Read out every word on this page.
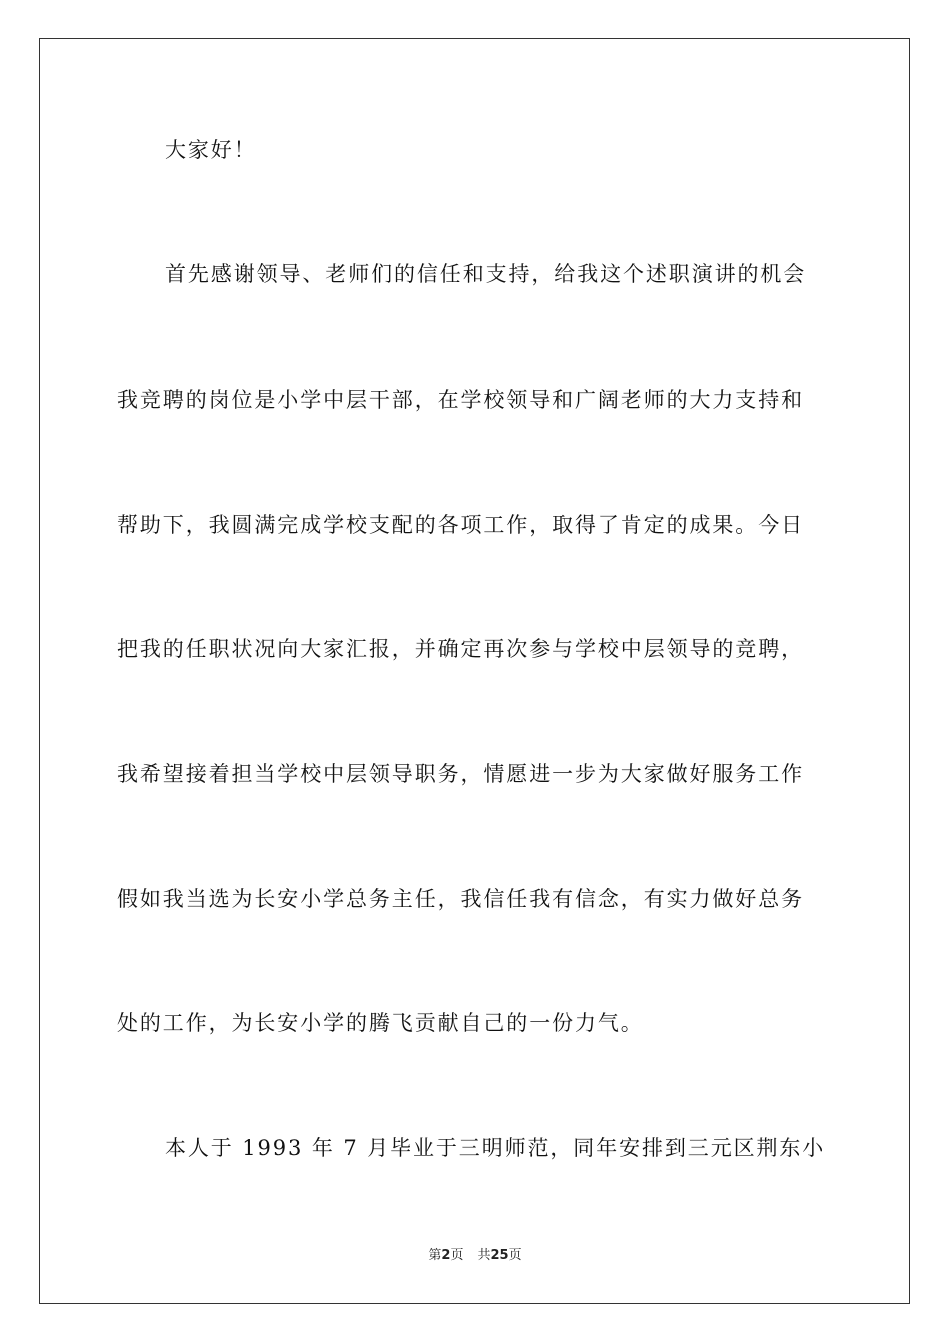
大家好！
首先感谢领导、老师们的信任和支持，给我这个述职演讲的机会
我竞聘的岗位是小学中层干部，在学校领导和广阔老师的大力支持和
帮助下，我圆满完成学校支配的各项工作，取得了肯定的成果。今日
把我的任职状况向大家汇报，并确定再次参与学校中层领导的竞聘，
我希望接着担当学校中层领导职务，情愿进一步为大家做好服务工作
假如我当选为长安小学总务主任，我信任我有信念，有实力做好总务
处的工作，为长安小学的腾飞贡献自己的一份力气。
本人于 1993 年 7 月毕业于三明师范，同年安排到三元区荆东小
第2页 共25页
